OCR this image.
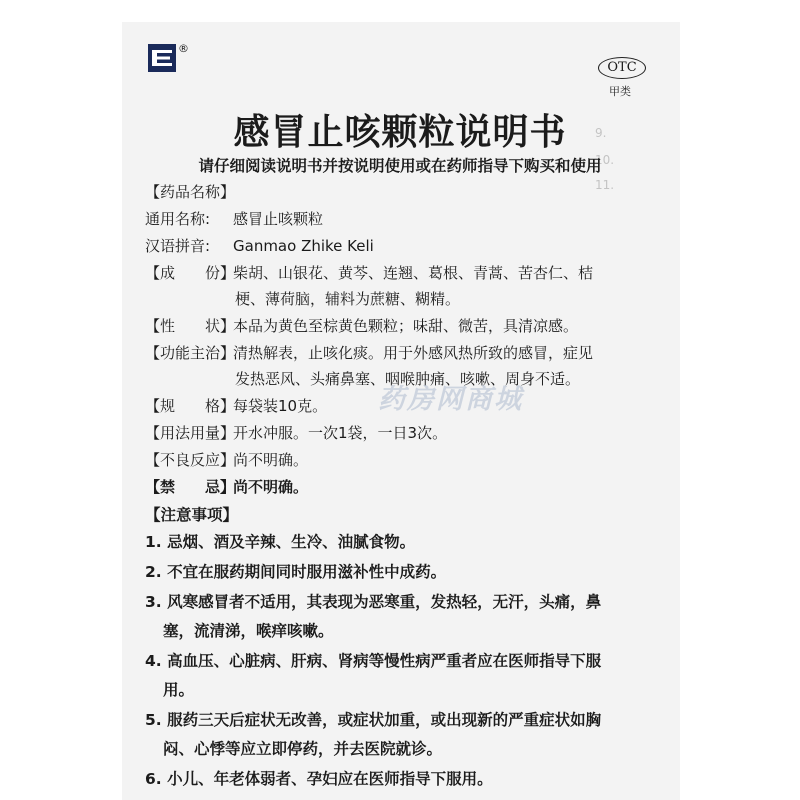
9.
10.
11.
®
OTC
甲类
感冒止咳颗粒说明书
请仔细阅读说明书并按说明使用或在药师指导下购买和使用
【药品名称】
通用名称: 感冒止咳颗粒
汉语拼音: Ganmao Zhike Keli
【成　　份】柴胡、山银花、黄芩、连翘、葛根、青蒿、苦杏仁、桔
梗、薄荷脑，辅料为蔗糖、糊精。
【性　　状】本品为黄色至棕黄色颗粒；味甜、微苦，具清凉感。
【功能主治】清热解表，止咳化痰。用于外感风热所致的感冒，症见
发热恶风、头痛鼻塞、咽喉肿痛、咳嗽、周身不适。
【规　　格】每袋装10克。
【用法用量】开水冲服。一次1袋，一日3次。
【不良反应】尚不明确。
【禁　　忌】尚不明确。
【注意事项】
1. 忌烟、酒及辛辣、生冷、油腻食物。
2. 不宜在服药期间同时服用滋补性中成药。
3. 风寒感冒者不适用，其表现为恶寒重，发热轻，无汗，头痛，鼻
塞，流清涕，喉痒咳嗽。
4. 高血压、心脏病、肝病、肾病等慢性病严重者应在医师指导下服
用。
5. 服药三天后症状无改善，或症状加重，或出现新的严重症状如胸
闷、心悸等应立即停药，并去医院就诊。
6. 小儿、年老体弱者、孕妇应在医师指导下服用。
药房网商城
